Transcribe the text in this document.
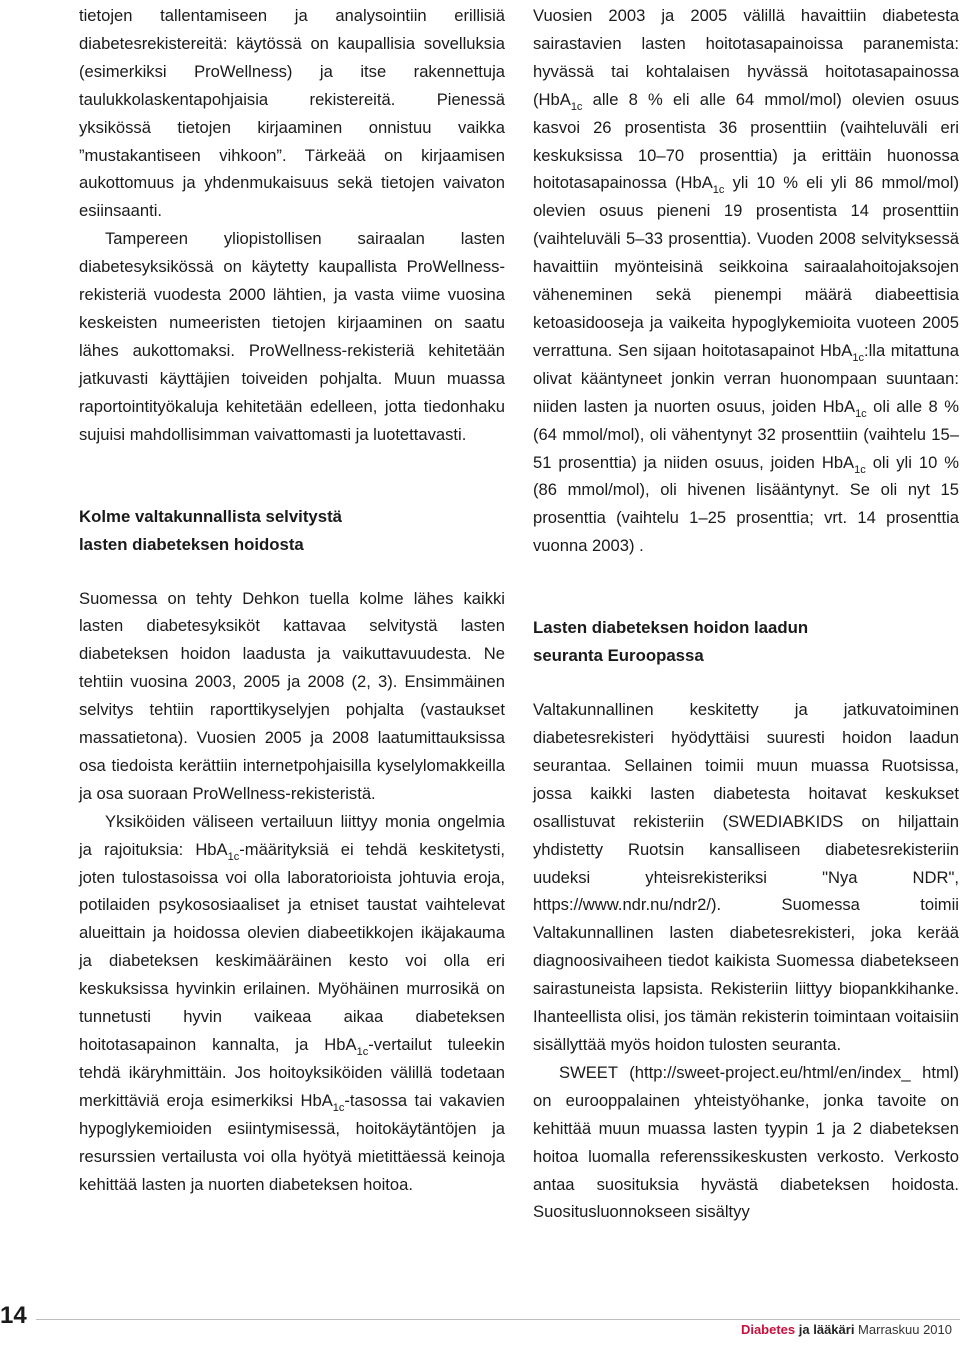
tietojen tallentamiseen ja analysointiin erillisiä diabetesrekistereitä: käytössä on kaupallisia sovelluksia (esimerkiksi ProWellness) ja itse rakennettuja taulukkolaskentapohjaisia rekistereitä. Pienessä yksikössä tietojen kirjaaminen onnistuu vaikka ”mustakantiseen vihkoon”. Tärkeää on kirjaamisen aukottomuus ja yhdenmukaisuus sekä tietojen vaivaton esiinsaanti.

Tampereen yliopistollisen sairaalan lasten diabetesyksikössä on käytetty kaupallista ProWellness-rekisteriä vuodesta 2000 lähtien, ja vasta viime vuosina keskeisten numeeristen tietojen kirjaaminen on saatu lähes aukottomaksi. ProWellness-rekisteriä kehitetään jatkuvasti käyttäjien toiveiden pohjalta. Muun muassa raportointityökaluja kehitetään edelleen, jotta tiedonhaku sujuisi mahdollisimman vaivattomasti ja luotettavasti.

Kolme valtakunnallista selvitystä
lasten diabeteksen hoidosta

Suomessa on tehty Dehkon tuella kolme lähes kaikki lasten diabetesyksiköt kattavaa selvitystä lasten diabeteksen hoidon laadusta ja vaikuttavuudesta. Ne tehtiin vuosina 2003, 2005 ja 2008 (2, 3). Ensimmäinen selvitys tehtiin raporttikyselyjen pohjalta (vastaukset massatietona). Vuosien 2005 ja 2008 laatumittauksissa osa tiedoista kerättiin internetpohjaisilla kyselylomakkeilla ja osa suoraan ProWellness-rekisteristä.

Yksiköiden väliseen vertailuun liittyy monia ongelmia ja rajoituksia: HbA$_{1c}$-määrityksiä ei tehdä keskitetysti, joten tulostasoissa voi olla laboratorioista johtuvia eroja, potilaiden psykososiaaliset ja etniset taustat vaihtelevat alueittain ja hoidossa olevien diabeetikkojen ikäjakauma ja diabeteksen keskimääräinen kesto voi olla eri keskuksissa hyvinkin erilainen. Myöhäinen murrosikä on tunnetusti hyvin vaikeaa aikaa diabeteksen hoitotasapainon kannalta, ja HbA$_{1c}$-vertailut tuleekin tehdä ikäryhmittäin. Jos hoitoyksiköiden välillä todetaan merkittäviä eroja esimerkiksi HbA$_{1c}$-tasossa tai vakavien hypoglykemioiden esiintymisessä, hoitokäytäntöjen ja resurssien vertailusta voi olla hyötyä mietittäessä keinoja kehittää lasten ja nuorten diabeteksen hoitoa.

Vuosien 2003 ja 2005 välillä havaittiin diabetesta sairastavien lasten hoitotasapainoissa paranemista: hyvässä tai kohtalaisen hyvässä hoitotasapainossa (HbA$_{1c}$ alle 8 % eli alle 64 mmol/mol) olevien osuus kasvoi 26 prosentista 36 prosenttiin (vaihteluväli eri keskuksissa 10–70 prosenttia) ja erittäin huonossa hoitotasapainossa (HbA$_{1c}$ yli 10 % eli yli 86 mmol/mol) olevien osuus pieneni 19 prosentista 14 prosenttiin (vaihteluväli 5–33 prosenttia). Vuoden 2008 selvityksessä havaittiin myönteisinä seikkoina sairaalahoitojaksojen väheneminen sekä pienempi määrä diabeettisia ketoasidooseja ja vaikeita hypoglykemioita vuoteen 2005 verrattuna. Sen sijaan hoitotasapainot HbA$_{1c}$:lla mitattuna olivat kääntyneet jonkin verran huonompaan suuntaan: niiden lasten ja nuorten osuus, joiden HbA$_{1c}$ oli alle 8 % (64 mmol/mol), oli vähentynyt 32 prosenttiin (vaihtelu 15–51 prosenttia) ja niiden osuus, joiden HbA$_{1c}$ oli yli 10 % (86 mmol/mol), oli hivenen lisääntynyt. Se oli nyt 15 prosenttia (vaihtelu 1–25 prosenttia; vrt. 14 prosenttia vuonna 2003) .

Lasten diabeteksen hoidon laadun
seuranta Euroopassa

Valtakunnallinen keskitetty ja jatkuvatoiminen diabetesrekisteri hyödyttäisi suuresti hoidon laadun seurantaa. Sellainen toimii muun muassa Ruotsissa, jossa kaikki lasten diabetesta hoitavat keskukset osallistuvat rekisteriin (SWEDIABKIDS on hiljattain yhdistetty Ruotsin kansalliseen diabetesrekisteriin uudeksi yhteisrekisteriksi "Nya NDR", https://www.ndr.nu/ndr2/). Suomessa toimii Valtakunnallinen lasten diabetesrekisteri, joka kerää diagnoosivaiheen tiedot kaikista Suomessa diabetekseen sairastuneista lapsista. Rekisteriin liittyy biopankkihanke. Ihanteellista olisi, jos tämän rekisterin toimintaan voitaisiin sisällyttää myös hoidon tulosten seuranta.

SWEET (http://sweet-project.eu/html/en/index_ html) on eurooppalainen yhteistyöhanke, jonka tavoite on kehittää muun muassa lasten tyypin 1 ja 2 diabeteksen hoitoa luomalla referenssikeskusten verkosto. Verkosto antaa suosituksia hyvästä diabeteksen hoidosta. Suositusluonnokseen sisältyy

14
Diabetes ja lääkäri Marraskuu 2010
